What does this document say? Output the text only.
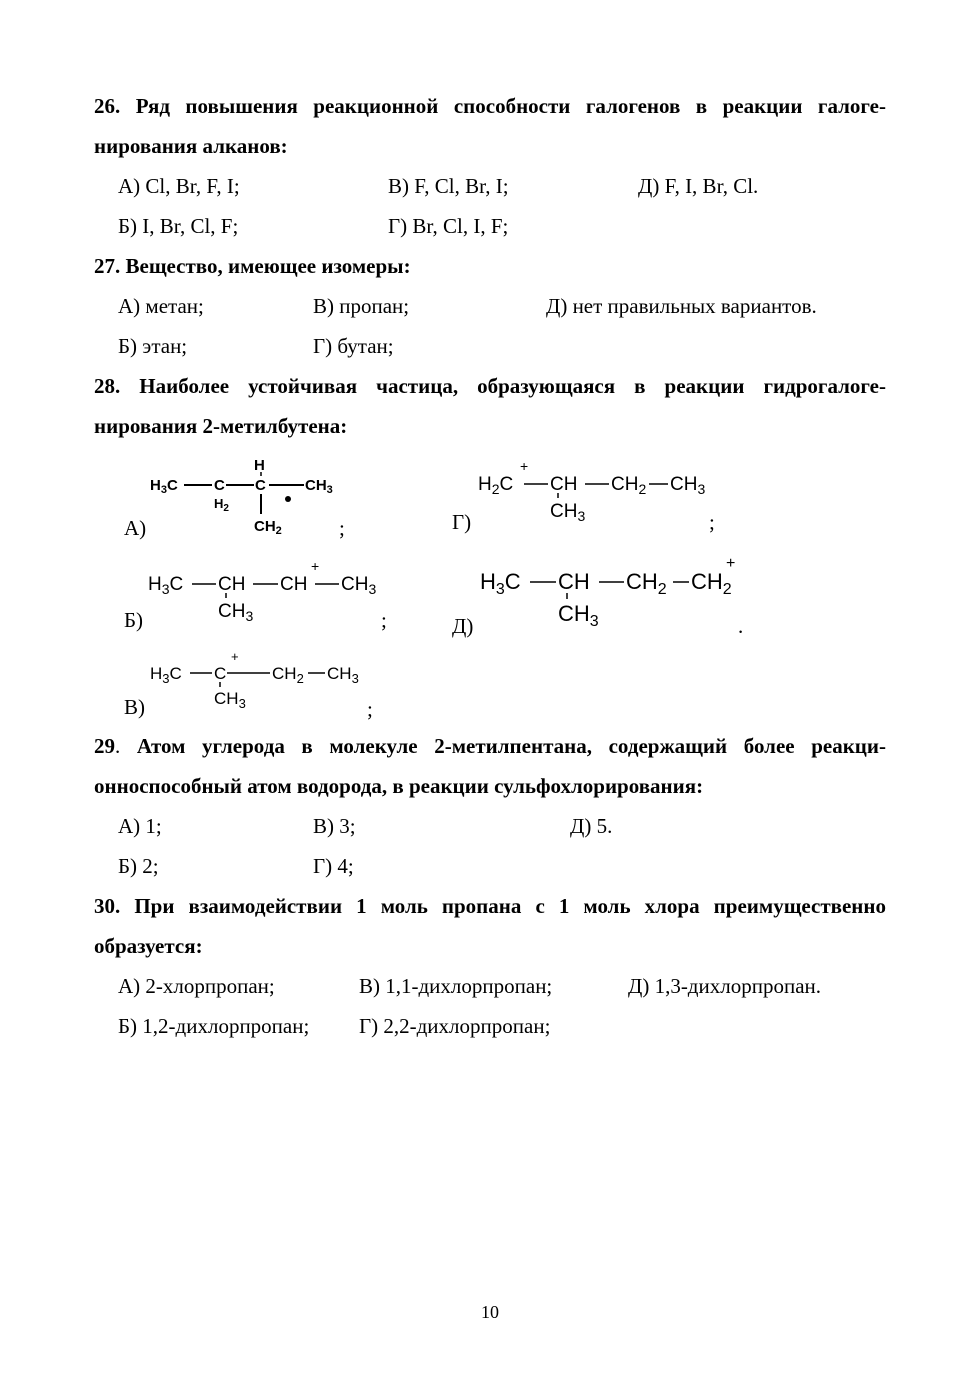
26. Ряд повышения реакционной способности галогенов в реакции галоге-
нирования алканов:
А) Cl, Br, F, I;	В) F, Cl, Br, I;	Д) F, I, Br, Cl.
Б) I, Br, Cl, F;	Г) Br, Cl, I, F;
27. Вещество, имеющее изомеры:
А) метан;	В) пропан;	Д) нет правильных вариантов.
Б) этан;	Г) бутан;
28. Наиболее устойчивая частица, образующаяся в реакции гидрогалоге-
нирования 2-метилбутена:
А)
$H_3C$ C
$H_2$
C
H
$CH_3$
$CH_2$	;	Г)
$H_2C$
+
CH $CH_2$ $CH_3$
$CH_3$	;
Б)
$H_3C$ CH CH
+
$CH_3$
$CH_3$	;	Д)
$H_3C$ CH $CH_2$ $CH_2$
+
$CH_3$	.
В)
$H_3C$ C
+
$CH_2$ $CH_3$
$CH_3$	;
29. Атом углерода в молекуле 2-метилпентана, содержащий более реакци-
онноспособный атом водорода, в реакции сульфохлорирования:
А) 1;	В) 3;	Д) 5.
Б) 2;	Г) 4;
30. При взаимодействии 1 моль пропана с 1 моль хлора преимущественно
образуется:
А) 2-хлорпропан;	В) 1,1-дихлорпропан;	Д) 1,3-дихлорпропан.
Б) 1,2-дихлорпропан; Г) 2,2-дихлорпропан;
10
